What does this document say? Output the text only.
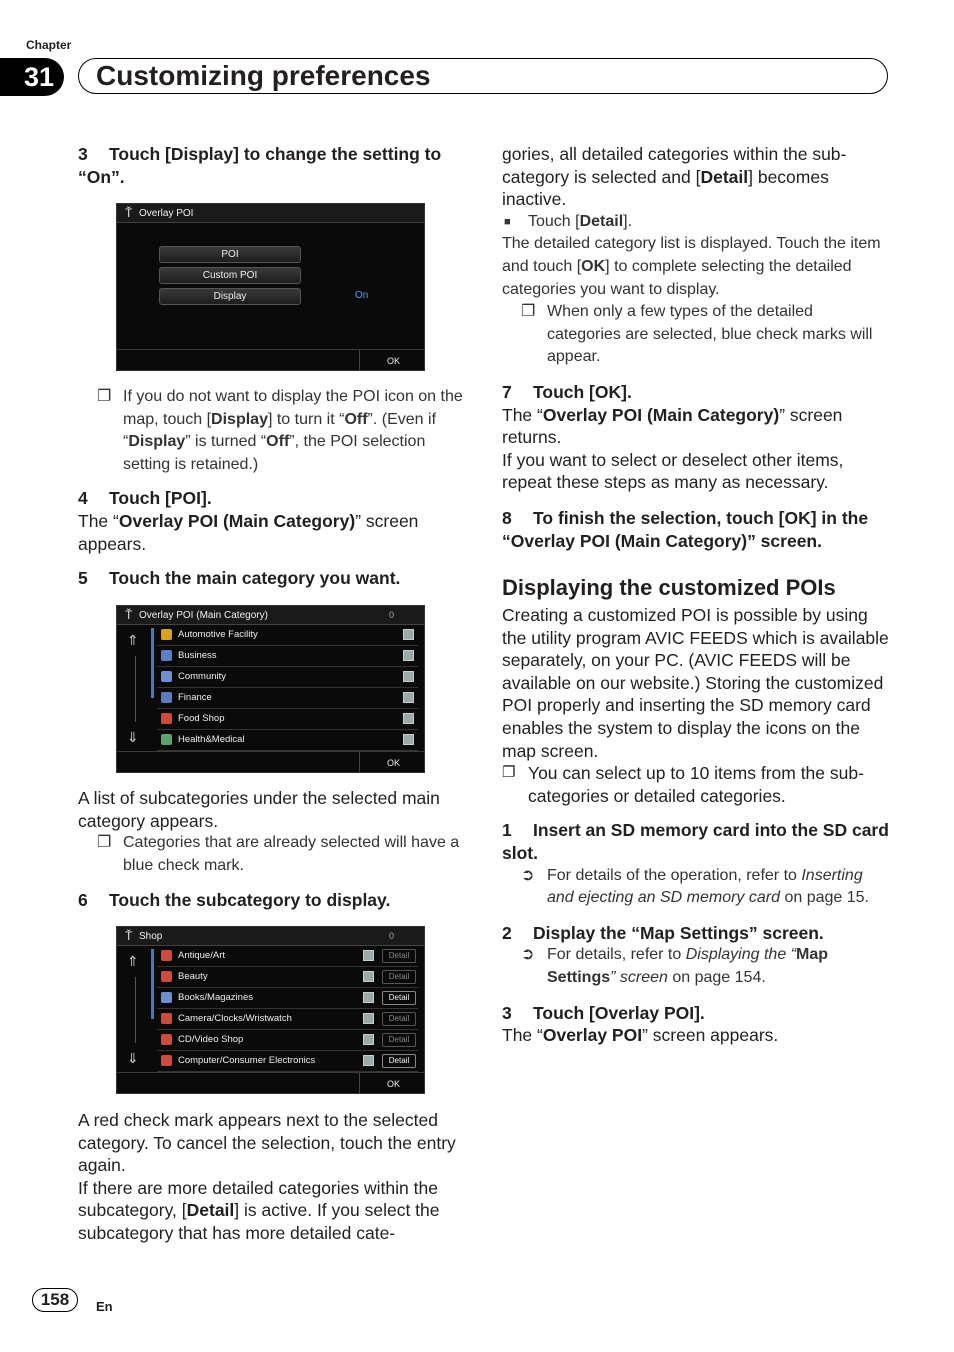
Chapter
31	Customizing preferences
3 Touch [Display] to change the setting to “On”.
Ť Overlay POI
POI
Custom POI
Display	On
OK
❐ If you do not want to display the POI icon on the map, touch [Display] to turn it “Off”. (Even if “Display” is turned “Off”, the POI selection setting is retained.)
4 Touch [POI].

The “Overlay POI (Main Category)” screen appears.

5 Touch the main category you want.
Ť Overlay POI (Main Category)	0
⇑
⇓
Automotive Facility
Business
Community
Finance
Food Shop
Health&Medical
OK

A list of subcategories under the selected main category appears.

❐ Categories that are already selected will have a blue check mark.
6 Touch the subcategory to display.
Ť Shop	0
⇑
⇓
Antique/Art	Detail
Beauty	Detail
Books/Magazines	Detail
Camera/Clocks/Wristwatch	Detail
CD/Video Shop	Detail
Computer/Consumer Electronics	Detail
OK

A red check mark appears next to the selected category. To cancel the selection, touch the entry again.

If there are more detailed categories within the subcategory, [Detail] is active. If you select the subcategory that has more detailed cate-

gories, all detailed categories within the sub-category is selected and [Detail] becomes inactive.

■ Touch [Detail].

The detailed category list is displayed. Touch the item and touch [OK] to complete selecting the detailed categories you want to display.

❐ When only a few types of the detailed categories are selected, blue check marks will appear.
7 Touch [OK].

The “Overlay POI (Main Category)” screen returns.

If you want to select or deselect other items, repeat these steps as many as necessary.

8 To finish the selection, touch [OK] in the “Overlay POI (Main Category)” screen.
Displaying the customized POIs

Creating a customized POI is possible by using the utility program AVIC FEEDS which is available separately, on your PC. (AVIC FEEDS will be available on our website.) Storing the customized POI properly and inserting the SD memory card enables the system to display the icons on the map screen.

❐ You can select up to 10 items from the sub-categories or detailed categories.
1 Insert an SD memory card into the SD card slot.
➲ For details of the operation, refer to Inserting and ejecting an SD memory card on page 15.
2 Display the “Map Settings” screen.
➲ For details, refer to Displaying the “Map Settings” screen on page 154.
3 Touch [Overlay POI].

The “Overlay POI” screen appears.

158	En
